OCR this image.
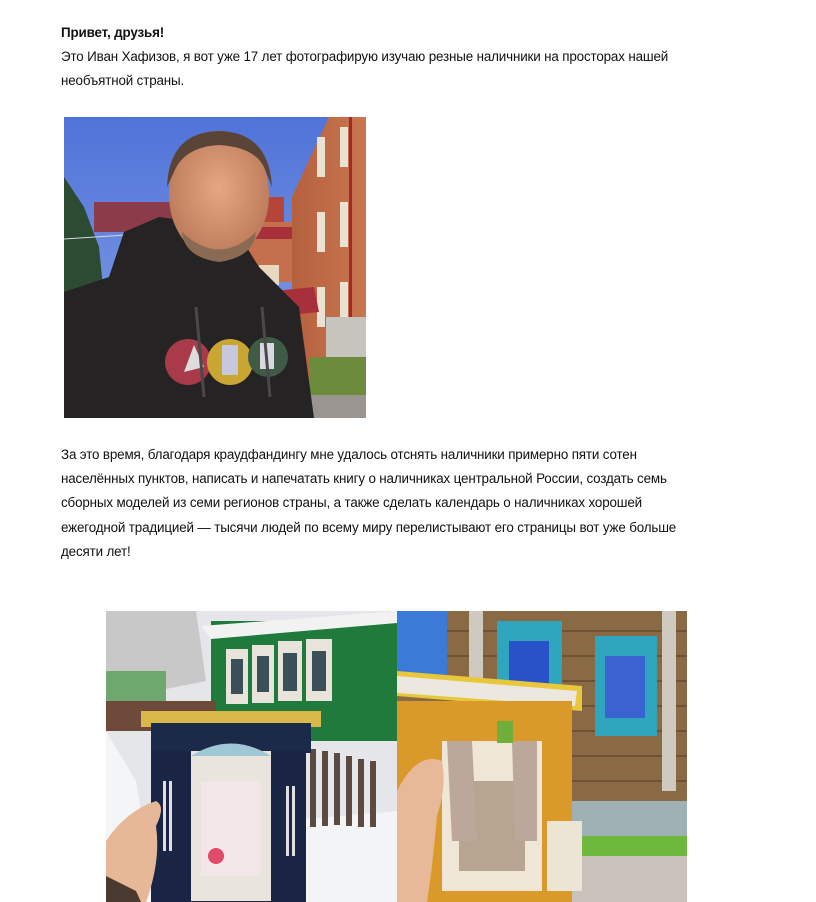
Привет, друзья!

Это Иван Хафизов, я вот уже 17 лет фотографирую изучаю резные наличники на просторах нашей
необъятной страны.

За это время, благодаря краудфандингу мне удалось отснять наличники примерно пяти сотен
населённых пунктов, написать и напечатать книгу о наличниках центральной России, создать семь
сборных моделей из семи регионов страны, а также сделать календарь о наличниках хорошей
ежегодной традицией — тысячи людей по всему миру перелистывают его страницы вот уже больше
десяти лет!
